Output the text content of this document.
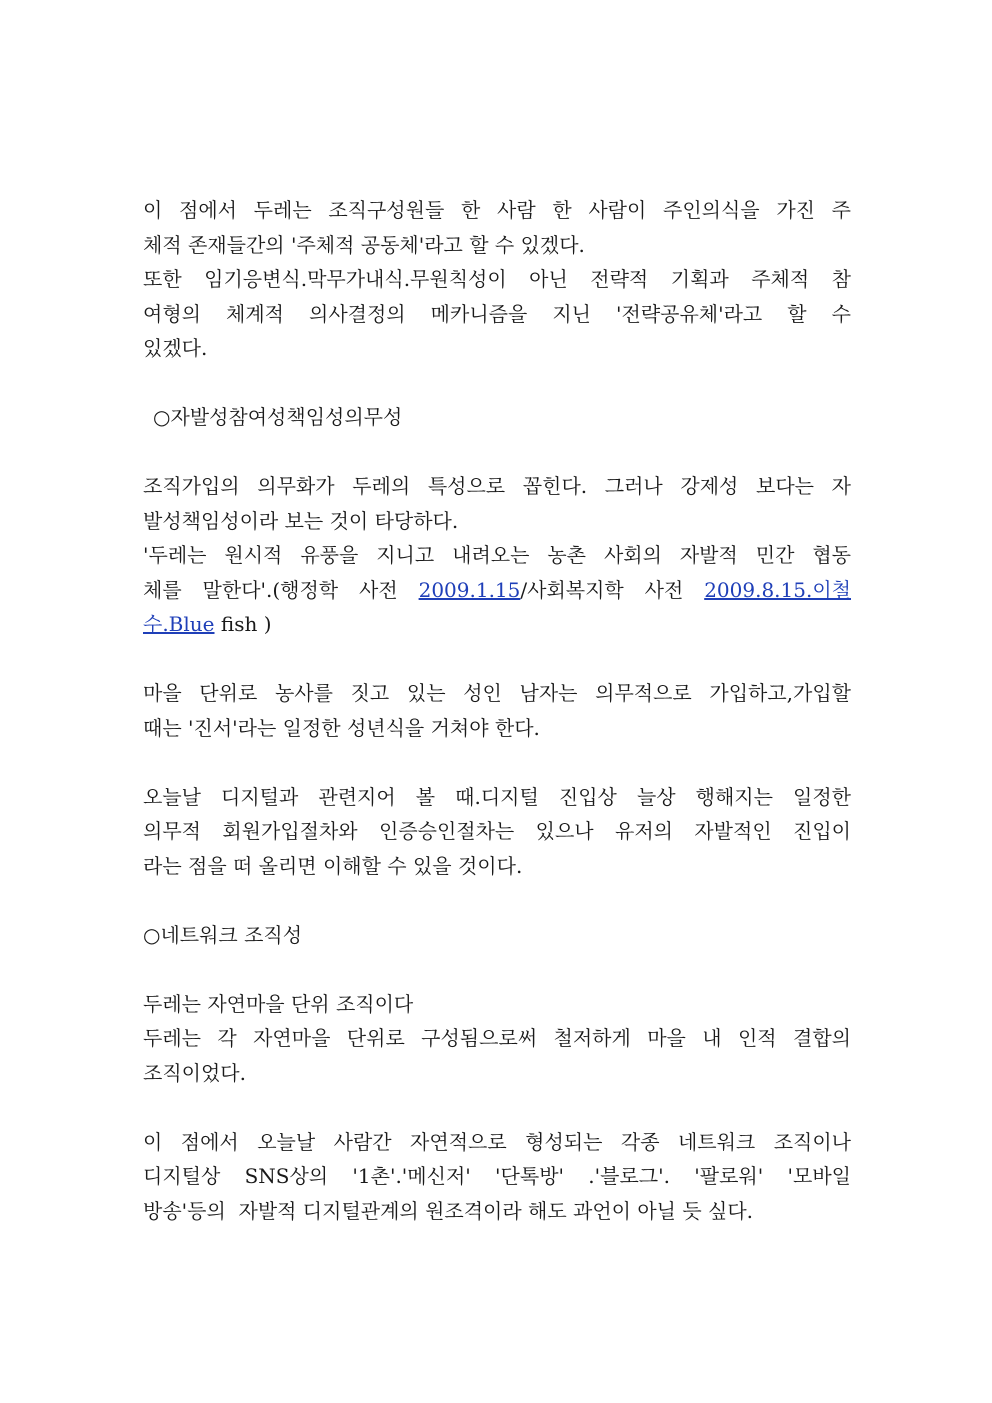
이 점에서 두레는 조직구성원들 한 사람 한 사람이 주인의식을 가진 주
체적 존재들간의 '주체적 공동체'라고 할 수 있겠다.
또한 임기응변식.막무가내식.무원칙성이 아닌 전략적 기획과 주체적 참
여형의 체계적 의사결정의 메카니즘을 지닌 '전략공유체'라고 할 수
있겠다.
○자발성참여성책임성의무성
조직가입의 의무화가 두레의 특성으로 꼽힌다. 그러나 강제성 보다는 자
발성책임성이라 보는 것이 타당하다.
'두레는 원시적 유풍을 지니고 내려오는 농촌 사회의 자발적 민간 협동
체를 말한다'.(행정학 사전 2009.1.15/사회복지학 사전 2009.8.15.이철
수.Blue fish )
마을 단위로 농사를 짓고 있는 성인 남자는 의무적으로 가입하고,가입할
때는 '진서'라는 일정한 성년식을 거쳐야 한다.
오늘날 디지털과 관련지어 볼 때.디지털 진입상 늘상 행해지는 일정한
의무적 회원가입절차와 인증승인절차는 있으나 유저의 자발적인 진입이
라는 점을 떠 올리면 이해할 수 있을 것이다.
○네트워크 조직성
두레는 자연마을 단위 조직이다
두레는 각 자연마을 단위로 구성됨으로써 철저하게 마을 내 인적 결합의
조직이었다.
이 점에서 오늘날 사람간 자연적으로 형성되는 각종 네트워크 조직이나
디지털상 SNS상의 '1촌'.'메신저' '단톡방' .'블로그'. '팔로워' '모바일
방송'등의  자발적 디지털관계의 원조격이라 해도 과언이 아닐 듯 싶다.
